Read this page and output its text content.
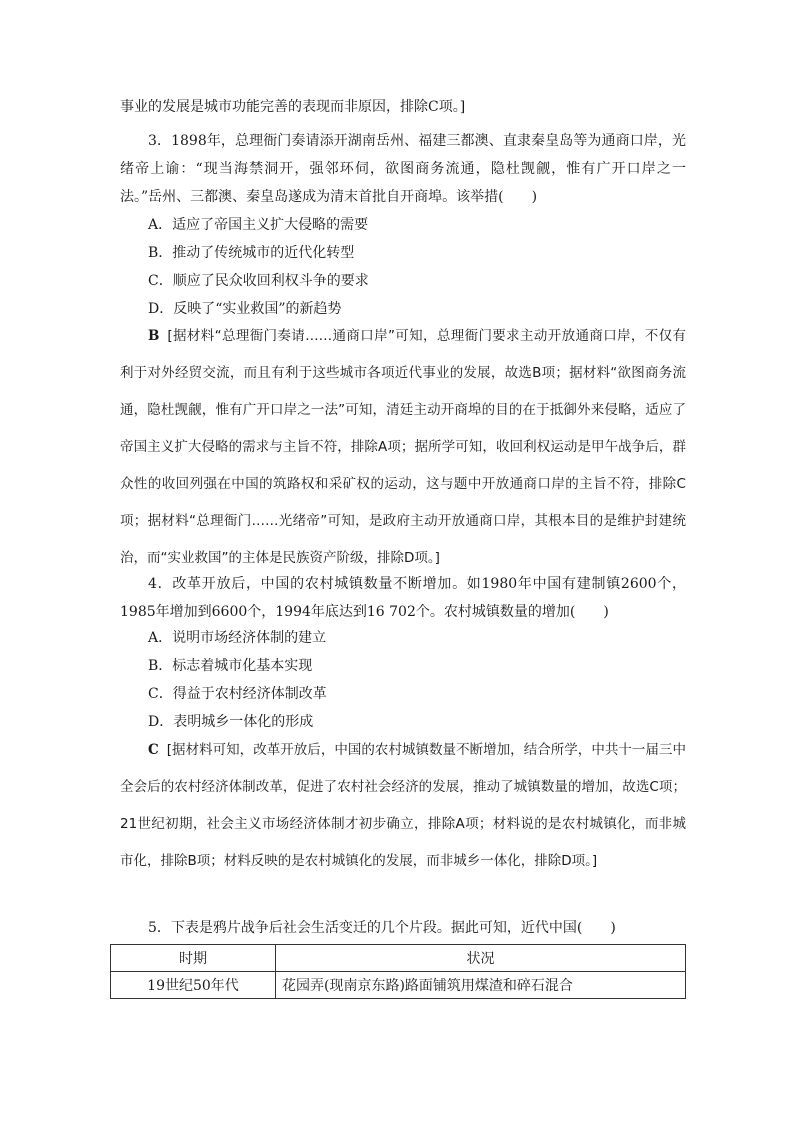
事业的发展是城市功能完善的表现而非原因，排除C项。]

3．1898年，总理衙门奏请添开湖南岳州、福建三都澳、直隶秦皇岛等为通商口岸，光绪帝上谕：“现当海禁洞开，强邻环伺，欲图商务流通，隐杜觊觎，惟有广开口岸之一法。”岳州、三都澳、秦皇岛遂成为清末首批自开商埠。该举措(　　)

A．适应了帝国主义扩大侵略的需要
B．推动了传统城市的近代化转型
C．顺应了民众收回利权斗争的要求
D．反映了“实业救国”的新趋势

B [据材料“总理衙门奏请……通商口岸”可知，总理衙门要求主动开放通商口岸，不仅有利于对外经贸交流，而且有利于这些城市各项近代事业的发展，故选B项；据材料“欲图商务流通，隐杜觊觎，惟有广开口岸之一法”可知，清廷主动开商埠的目的在于抵御外来侵略，适应了帝国主义扩大侵略的需求与主旨不符，排除A项；据所学可知，收回利权运动是甲午战争后，群众性的收回列强在中国的筑路权和采矿权的运动，这与题中开放通商口岸的主旨不符，排除C项；据材料“总理衙门……光绪帝”可知，是政府主动开放通商口岸，其根本目的是维护封建统治，而“实业救国”的主体是民族资产阶级，排除D项。]

4．改革开放后，中国的农村城镇数量不断增加。如1980年中国有建制镇2600个，1985年增加到6600个，1994年底达到16 702个。农村城镇数量的增加(　　)

A．说明市场经济体制的建立
B．标志着城市化基本实现
C．得益于农村经济体制改革
D．表明城乡一体化的形成

C [据材料可知，改革开放后，中国的农村城镇数量不断增加，结合所学，中共十一届三中全会后的农村经济体制改革，促进了农村社会经济的发展，推动了城镇数量的增加，故选C项；21世纪初期，社会主义市场经济体制才初步确立，排除A项；材料说的是农村城镇化，而非城市化，排除B项；材料反映的是农村城镇化的发展，而非城乡一体化，排除D项。]

5．下表是鸦片战争后社会生活变迁的几个片段。据此可知，近代中国(　　)

时期	状况
19世纪50年代	花园弄(现南京东路)路面铺筑用煤渣和碎石混合
